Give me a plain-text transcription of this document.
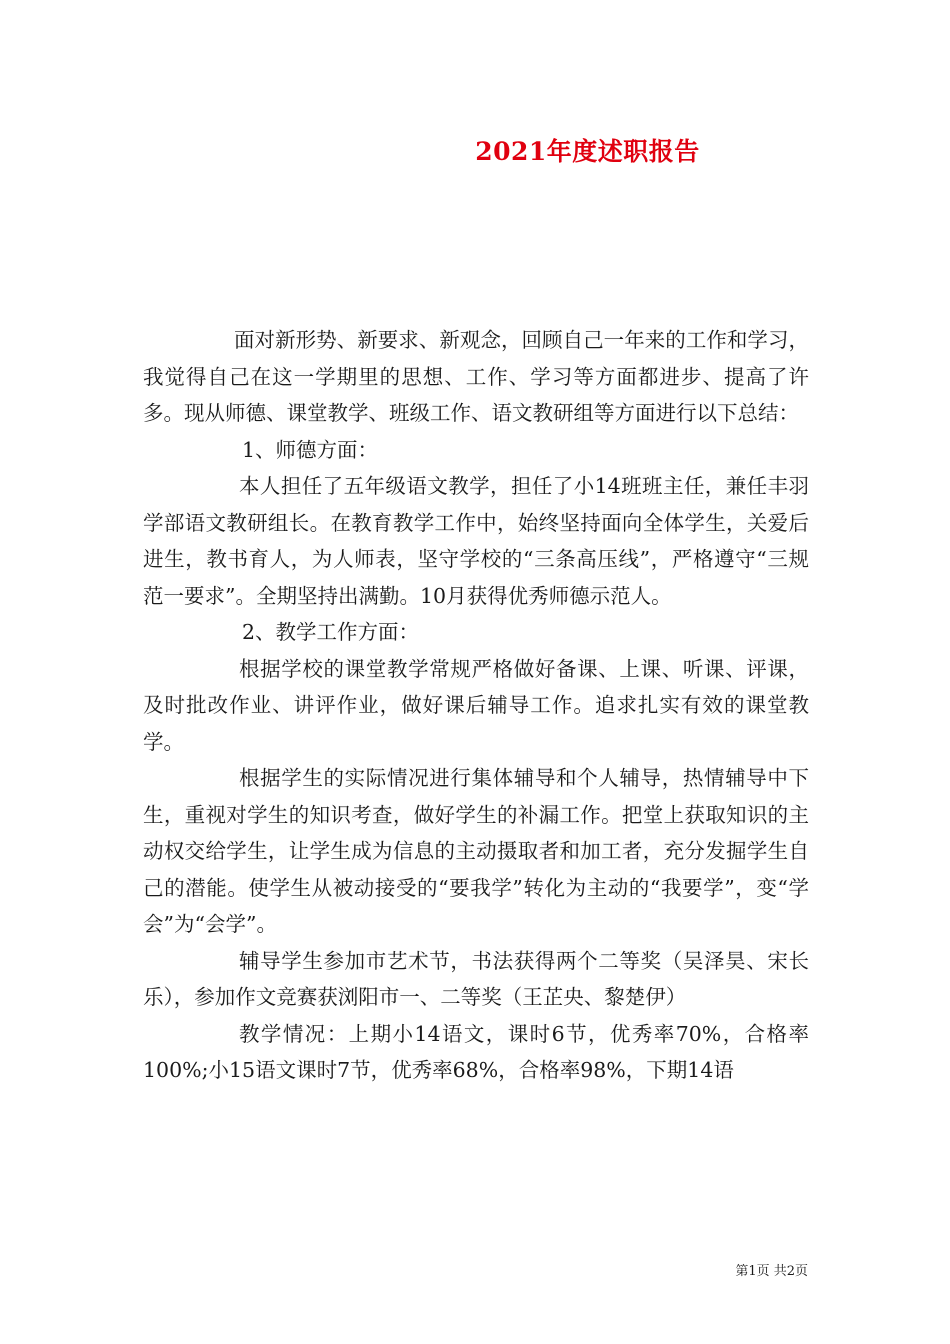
2021年度述职报告

面对新形势、新要求、新观念，回顾自己一年来的工作和学习，我觉得自己在这一学期里的思想、工作、学习等方面都进步、提高了许多。现从师德、课堂教学、班级工作、语文教研组等方面进行以下总结：

1、师德方面：

本人担任了五年级语文教学，担任了小14班班主任，兼任丰羽学部语文教研组长。在教育教学工作中，始终坚持面向全体学生，关爱后进生，教书育人，为人师表，坚守学校的“三条高压线”，严格遵守“三规范一要求”。全期坚持出满勤。10月获得优秀师德示范人。

2、教学工作方面：

根据学校的课堂教学常规严格做好备课、上课、听课、评课，及时批改作业、讲评作业，做好课后辅导工作。追求扎实有效的课堂教学。

根据学生的实际情况进行集体辅导和个人辅导，热情辅导中下生，重视对学生的知识考查，做好学生的补漏工作。把堂上获取知识的主动权交给学生，让学生成为信息的主动摄取者和加工者，充分发掘学生自己的潜能。使学生从被动接受的“要我学”转化为主动的“我要学”，变“学会”为“会学”。

辅导学生参加市艺术节，书法获得两个二等奖（吴泽昊、宋长乐），参加作文竞赛获浏阳市一、二等奖（王芷央、黎楚伊）

教学情况：上期小14语文，课时6节，优秀率70%，合格率100%;小15语文课时7节，优秀率68%，合格率98%，下期14语

第1页 共2页
